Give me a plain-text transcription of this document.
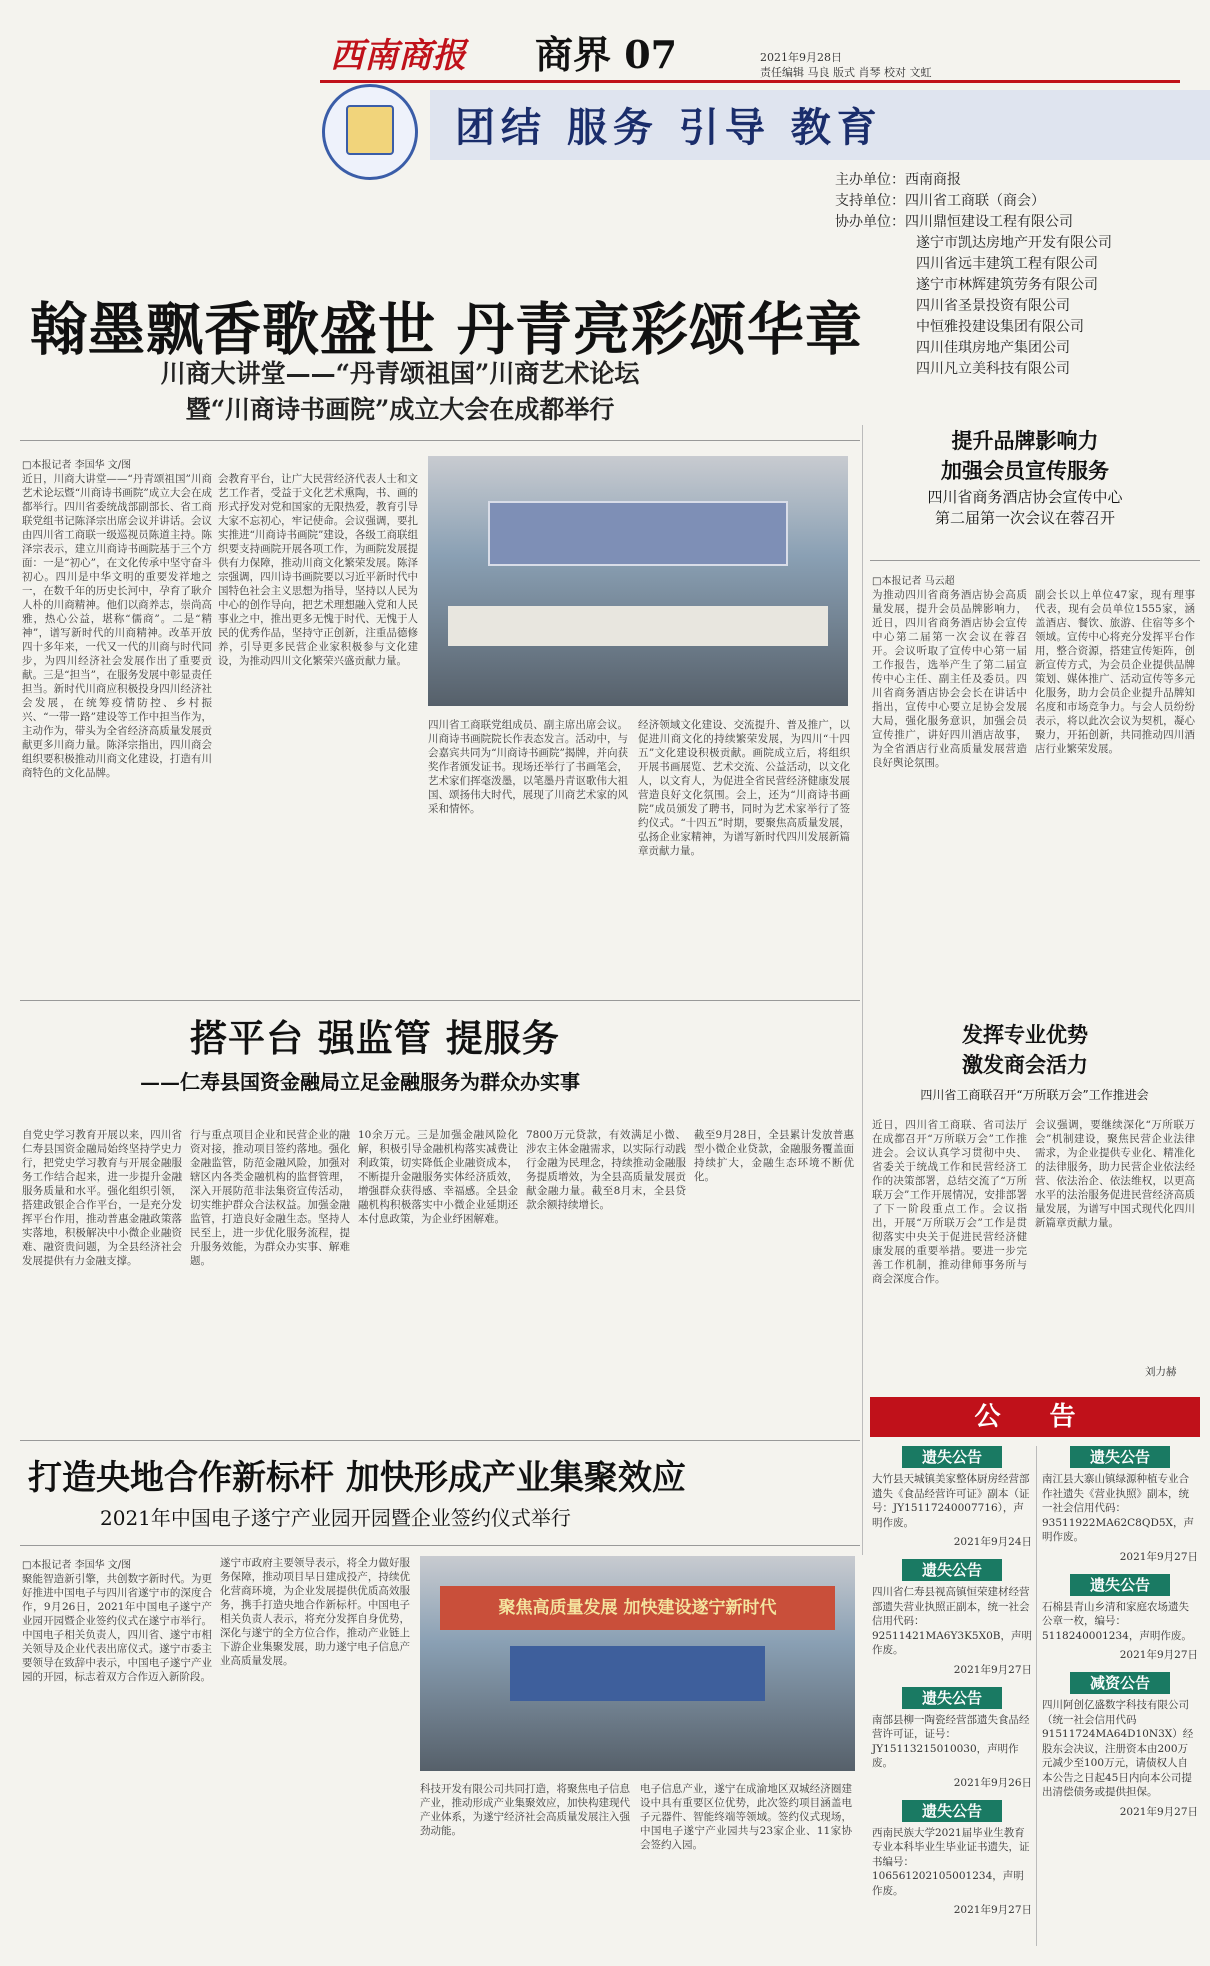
西南商报 商界 07	2021年9月28日
责任编辑 马良 版式 肖琴 校对 文虹
团结 服务 引导 教育
主办单位：西南商报
支持单位：四川省工商联（商会）
协办单位：四川鼎恒建设工程有限公司
遂宁市凯达房地产开发有限公司
四川省远丰建筑工程有限公司
遂宁市林辉建筑劳务有限公司
四川省圣景投资有限公司
中恒雅投建设集团有限公司
四川佳琪房地产集团公司
四川凡立美科技有限公司
翰墨飘香歌盛世 丹青亮彩颂华章
川商大讲堂——“丹青颂祖国”川商艺术论坛
暨“川商诗书画院”成立大会在成都举行
□本报记者 李国华 文/图
近日，川商大讲堂——“丹青颂祖国”川商艺术论坛暨“川商诗书画院”成立大会在成都举行。四川省委统战部副部长、省工商联党组书记陈泽宗出席会议并讲话。会议由四川省工商联一级巡视员陈道主持。陈泽宗表示，建立川商诗书画院基于三个方面：一是“初心”，在文化传承中坚守奋斗初心。四川是中华文明的重要发祥地之一，在数千年的历史长河中，孕育了耿介人朴的川商精神。他们以商养志，崇尚高雅，热心公益，堪称“儒商”。二是“精神”，谱写新时代的川商精神。改革开放四十多年来，一代又一代的川商与时代同步，为四川经济社会发展作出了重要贡献。三是“担当”，在服务发展中彰显责任担当。新时代川商应积极投身四川经济社会发展，在统筹疫情防控、乡村振兴、“一带一路”建设等工作中担当作为，主动作为，带头为全省经济高质量发展贡献更多川商力量。陈泽宗指出，四川商会组织要积极推动川商文化建设，打造有川商特色的文化品牌。
会教育平台，让广大民营经济代表人士和文艺工作者，受益于文化艺术熏陶，书、画的形式抒发对党和国家的无限热爱，教育引导大家不忘初心，牢记使命。会议强调，要扎实推进“川商诗书画院”建设，各级工商联组织要支持画院开展各项工作，为画院发展提供有力保障，推动川商文化繁荣发展。陈泽宗强调，四川诗书画院要以习近平新时代中国特色社会主义思想为指导，坚持以人民为中心的创作导向，把艺术理想融入党和人民事业之中，推出更多无愧于时代、无愧于人民的优秀作品，坚持守正创新，注重品德修养，引导更多民营企业家积极参与文化建设，为推动四川文化繁荣兴盛贡献力量。
四川省工商联党组成员、副主席出席会议。川商诗书画院院长作表态发言。活动中，与会嘉宾共同为“川商诗书画院”揭牌，并向获奖作者颁发证书。现场还举行了书画笔会，艺术家们挥毫泼墨，以笔墨丹青讴歌伟大祖国、颂扬伟大时代，展现了川商艺术家的风采和情怀。
经济领域文化建设、交流提升、普及推广，以促进川商文化的持续繁荣发展，为四川“十四五”文化建设积极贡献。画院成立后，将组织开展书画展览、艺术交流、公益活动，以文化人，以文育人，为促进全省民营经济健康发展营造良好文化氛围。会上，还为“川商诗书画院”成员颁发了聘书，同时为艺术家举行了签约仪式。“十四五”时期，要聚焦高质量发展，弘扬企业家精神，为谱写新时代四川发展新篇章贡献力量。
提升品牌影响力
加强会员宣传服务
四川省商务酒店协会宣传中心
第二届第一次会议在蓉召开
□本报记者 马云超
为推动四川省商务酒店协会高质量发展，提升会员品牌影响力，近日，四川省商务酒店协会宣传中心第二届第一次会议在蓉召开。会议听取了宣传中心第一届工作报告，选举产生了第二届宣传中心主任、副主任及委员。四川省商务酒店协会会长在讲话中指出，宣传中心要立足协会发展大局，强化服务意识，加强会员宣传推广，讲好四川酒店故事，为全省酒店行业高质量发展营造良好舆论氛围。
副会长以上单位47家，现有理事代表，现有会员单位1555家，涵盖酒店、餐饮、旅游、住宿等多个领域。宣传中心将充分发挥平台作用，整合资源，搭建宣传矩阵，创新宣传方式，为会员企业提供品牌策划、媒体推广、活动宣传等多元化服务，助力会员企业提升品牌知名度和市场竞争力。与会人员纷纷表示，将以此次会议为契机，凝心聚力，开拓创新，共同推动四川酒店行业繁荣发展。
发挥专业优势
激发商会活力
四川省工商联召开“万所联万会”工作推进会
近日，四川省工商联、省司法厅在成都召开“万所联万会”工作推进会。会议认真学习贯彻中央、省委关于统战工作和民营经济工作的决策部署，总结交流了“万所联万会”工作开展情况，安排部署了下一阶段重点工作。会议指出，开展“万所联万会”工作是贯彻落实中央关于促进民营经济健康发展的重要举措。要进一步完善工作机制，推动律师事务所与商会深度合作。
会议强调，要继续深化“万所联万会”机制建设，聚焦民营企业法律需求，为企业提供专业化、精准化的法律服务，助力民营企业依法经营、依法治企、依法维权，以更高水平的法治服务促进民营经济高质量发展，为谱写中国式现代化四川新篇章贡献力量。
刘力赫
搭平台 强监管 提服务
——仁寿县国资金融局立足金融服务为群众办实事
自党史学习教育开展以来，四川省仁寿县国资金融局始终坚持学史力行，把党史学习教育与开展金融服务工作结合起来，进一步提升金融服务质量和水平。强化组织引领，搭建政银企合作平台，一是充分发挥平台作用，推动普惠金融政策落实落地，积极解决中小微企业融资难、融资贵问题，为全县经济社会发展提供有力金融支撑。
行与重点项目企业和民营企业的融资对接，推动项目签约落地。强化金融监管，防范金融风险，加强对辖区内各类金融机构的监督管理，深入开展防范非法集资宣传活动，切实维护群众合法权益。加强金融监管，打造良好金融生态。坚持人民至上，进一步优化服务流程，提升服务效能，为群众办实事、解难题。
10余万元。三是加强金融风险化解，积极引导金融机构落实减费让利政策，切实降低企业融资成本，不断提升金融服务实体经济质效，增强群众获得感、幸福感。全县金融机构积极落实中小微企业延期还本付息政策，为企业纾困解难。
7800万元贷款，有效满足小微、涉农主体金融需求，以实际行动践行金融为民理念，持续推动金融服务提质增效，为全县高质量发展贡献金融力量。截至8月末，全县贷款余额持续增长。
截至9月28日，全县累计发放普惠型小微企业贷款，金融服务覆盖面持续扩大，金融生态环境不断优化。
打造央地合作新标杆 加快形成产业集聚效应
2021年中国电子遂宁产业园开园暨企业签约仪式举行
□本报记者 李国华 文/图
聚能智造新引擎，共创数字新时代。为更好推进中国电子与四川省遂宁市的深度合作，9月26日，2021年中国电子遂宁产业园开园暨企业签约仪式在遂宁市举行。中国电子相关负责人，四川省、遂宁市相关领导及企业代表出席仪式。遂宁市委主要领导在致辞中表示，中国电子遂宁产业园的开园，标志着双方合作迈入新阶段。
遂宁市政府主要领导表示，将全力做好服务保障，推动项目早日建成投产，持续优化营商环境，为企业发展提供优质高效服务，携手打造央地合作新标杆。中国电子相关负责人表示，将充分发挥自身优势，深化与遂宁的全方位合作，推动产业链上下游企业集聚发展，助力遂宁电子信息产业高质量发展。
聚焦高质量发展 加快建设遂宁新时代
科技开发有限公司共同打造，将聚焦电子信息产业，推动形成产业集聚效应，加快构建现代产业体系，为遂宁经济社会高质量发展注入强劲动能。
电子信息产业，遂宁在成渝地区双城经济圈建设中具有重要区位优势，此次签约项目涵盖电子元器件、智能终端等领域。签约仪式现场，中国电子遂宁产业园共与23家企业、11家协会签约入园。
公 告
遗失公告
大竹县天城镇美家整体厨房经营部遗失《食品经营许可证》副本（证号：JY15117240007716），声明作废。
2021年9月24日
遗失公告
四川省仁寿县视高镇恒荣建材经营部遗失营业执照正副本，统一社会信用代码：92511421MA6Y3K5X0B，声明作废。
2021年9月27日
遗失公告
南部县柳一陶瓷经营部遗失食品经营许可证，证号：JY15113215010030，声明作废。
2021年9月26日
遗失公告
西南民族大学2021届毕业生教育专业本科毕业生毕业证书遗失，证书编号：106561202105001234，声明作废。
2021年9月27日
遗失公告
南江县大寨山镇绿源种植专业合作社遗失《营业执照》副本，统一社会信用代码：93511922MA62C8QD5X，声明作废。
2021年9月27日
遗失公告
石棉县青山乡清和家庭农场遗失公章一枚，编号：5118240001234，声明作废。
2021年9月27日
减资公告
四川阿创亿盛数字科技有限公司（统一社会信用代码91511724MA64D10N3X）经股东会决议，注册资本由200万元减少至100万元，请债权人自本公告之日起45日内向本公司提出清偿债务或提供担保。
2021年9月27日
